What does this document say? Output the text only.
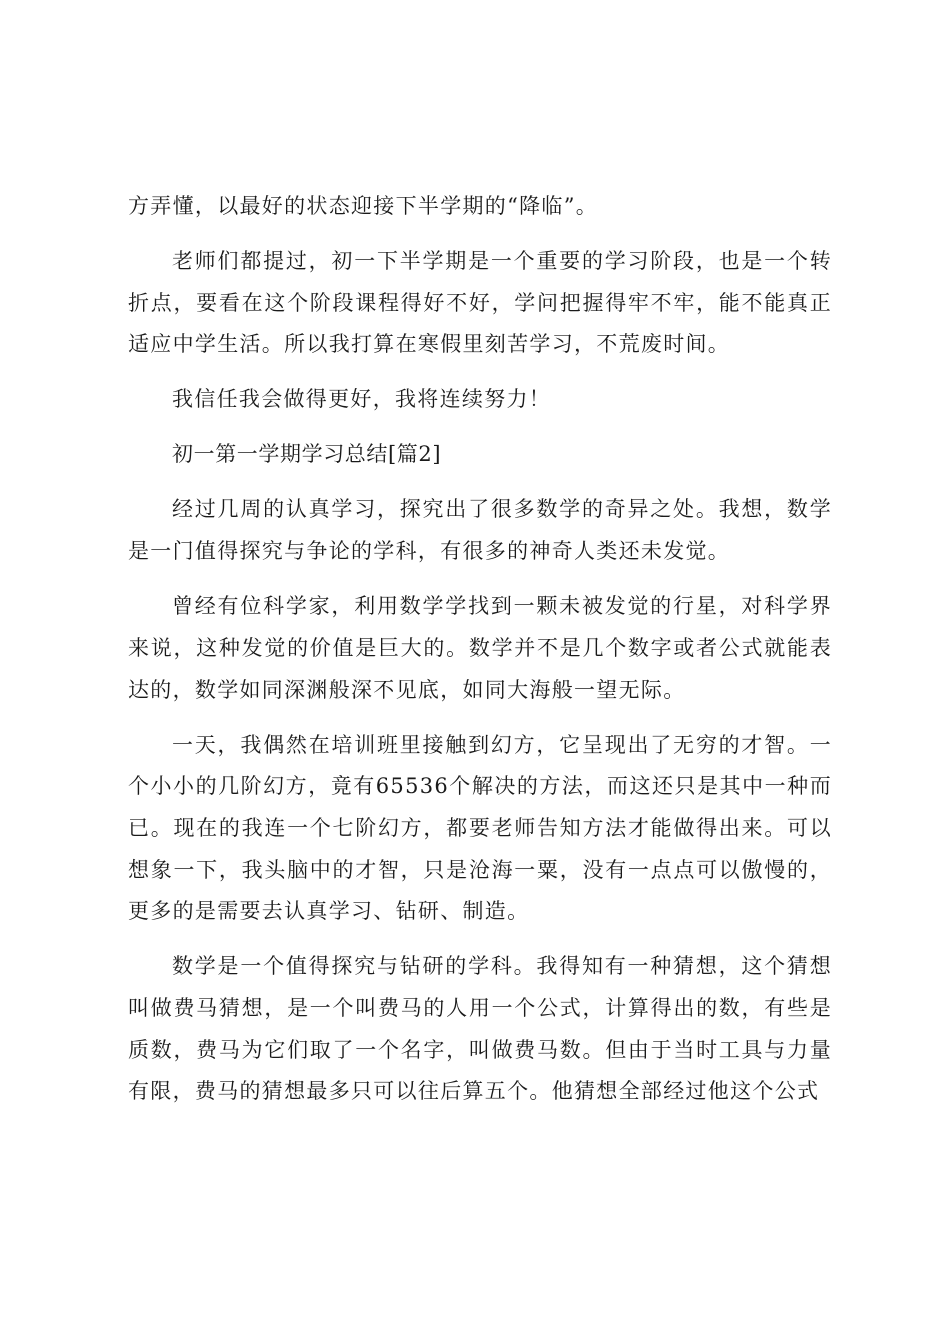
方弄懂，以最好的状态迎接下半学期的“降临”。

老师们都提过，初一下半学期是一个重要的学习阶段，也是一个转折点，要看在这个阶段课程得好不好，学问把握得牢不牢，能不能真正适应中学生活。所以我打算在寒假里刻苦学习，不荒废时间。

我信任我会做得更好，我将连续努力！

初一第一学期学习总结[篇2]

经过几周的认真学习，探究出了很多数学的奇异之处。我想，数学是一门值得探究与争论的学科，有很多的神奇人类还未发觉。

曾经有位科学家，利用数学学找到一颗未被发觉的行星，对科学界来说，这种发觉的价值是巨大的。数学并不是几个数字或者公式就能表达的，数学如同深渊般深不见底，如同大海般一望无际。

一天，我偶然在培训班里接触到幻方，它呈现出了无穷的才智。一个小小的几阶幻方，竟有65536个解决的方法，而这还只是其中一种而已。现在的我连一个七阶幻方，都要老师告知方法才能做得出来。可以想象一下，我头脑中的才智，只是沧海一粟，没有一点点可以傲慢的，更多的是需要去认真学习、钻研、制造。

数学是一个值得探究与钻研的学科。我得知有一种猜想，这个猜想叫做费马猜想，是一个叫费马的人用一个公式，计算得出的数，有些是质数，费马为它们取了一个名字，叫做费马数。但由于当时工具与力量有限，费马的猜想最多只可以往后算五个。他猜想全部经过他这个公式
